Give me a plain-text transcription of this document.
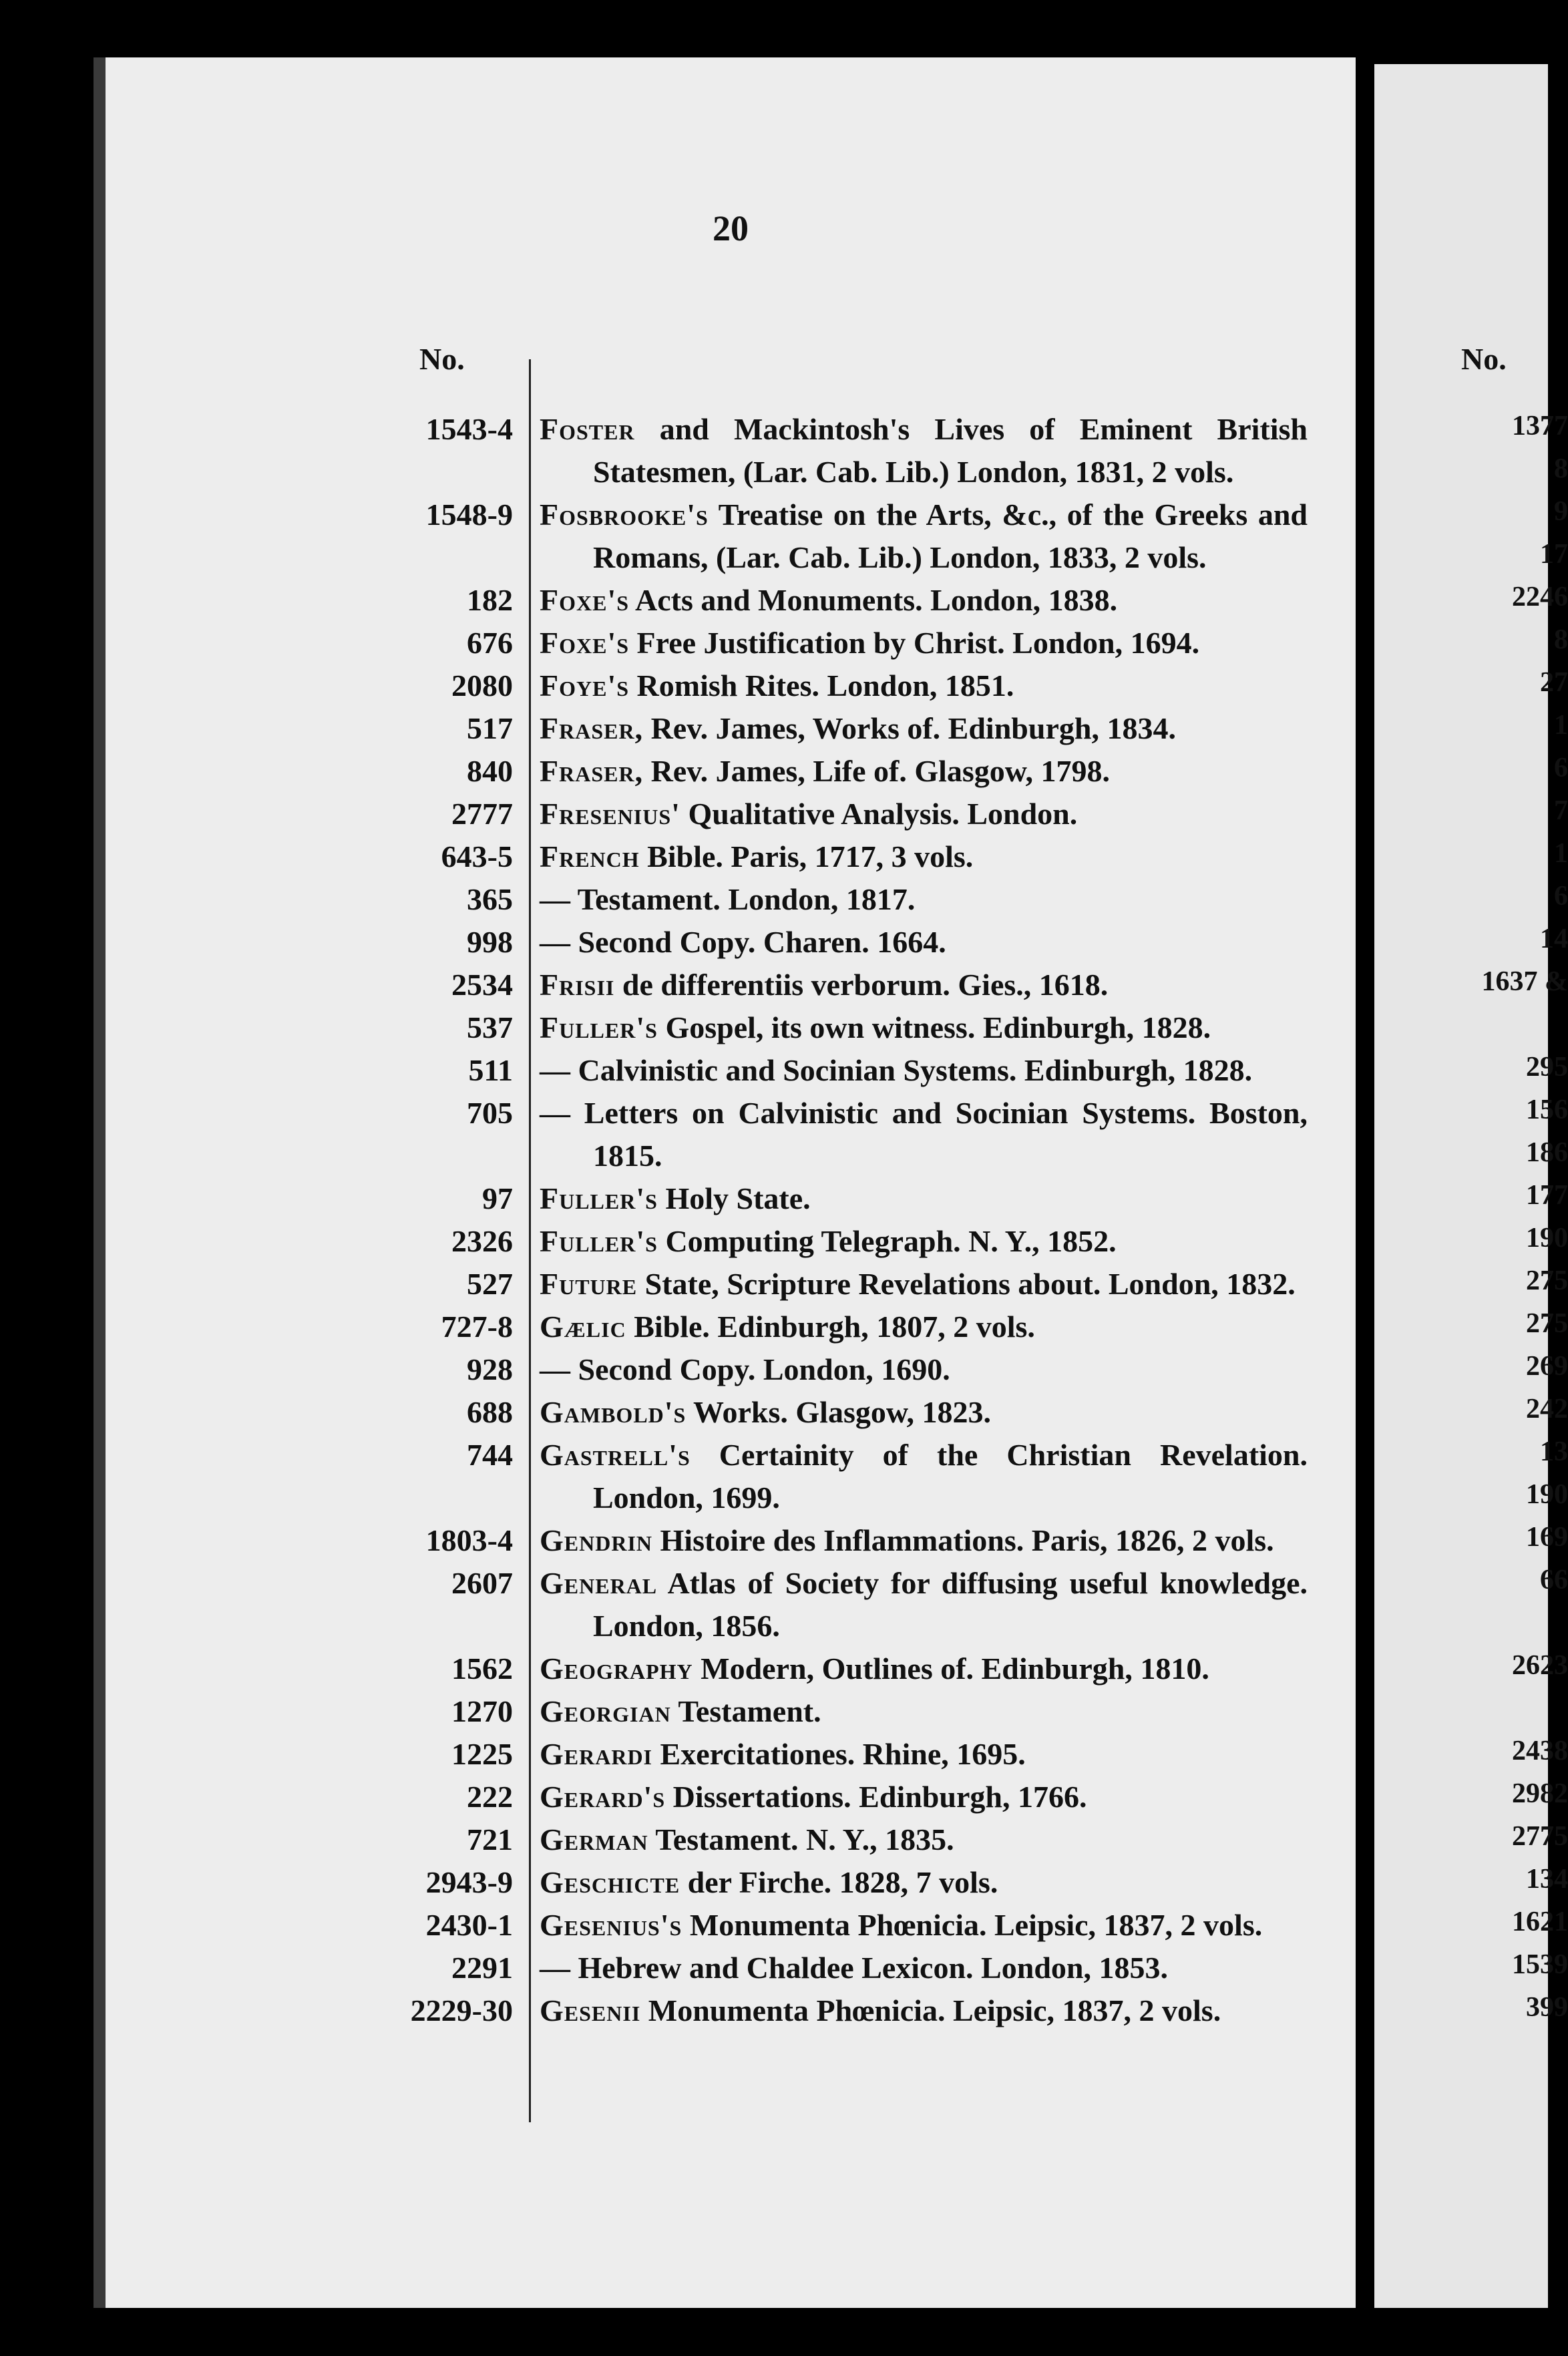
20
No.
1543-4 Foster and Mackintosh's Lives of Eminent British Statesmen, (Lar. Cab. Lib.) London, 1831, 2 vols.
1548-9 Fosbrooke's Treatise on the Arts, &c., of the Greeks and Romans, (Lar. Cab. Lib.) London, 1833, 2 vols.
182 Foxe's Acts and Monuments. London, 1838.
676 Foxe's Free Justification by Christ. London, 1694.
2080 Foye's Romish Rites. London, 1851.
517 Fraser, Rev. James, Works of. Edinburgh, 1834.
840 Fraser, Rev. James, Life of. Glasgow, 1798.
2777 Fresenius' Qualitative Analysis. London.
643-5 French Bible. Paris, 1717, 3 vols.
365 — Testament. London, 1817.
998 — Second Copy. Charen. 1664.
2534 Frisii de differentiis verborum. Gies., 1618.
537 Fuller's Gospel, its own witness. Edinburgh, 1828.
511 — Calvinistic and Socinian Systems. Edinburgh, 1828.
705 — Letters on Calvinistic and Socinian Systems. Boston, 1815.
97 Fuller's Holy State.
2326 Fuller's Computing Telegraph. N. Y., 1852.
527 Future State, Scripture Revelations about. London, 1832.
727-8 Gælic Bible. Edinburgh, 1807, 2 vols.
928 — Second Copy. London, 1690.
688 Gambold's Works. Glasgow, 1823.
744 Gastrell's Certainity of the Christian Revelation. London, 1699.
1803-4 Gendrin Histoire des Inflammations. Paris, 1826, 2 vols.
2607 General Atlas of Society for diffusing useful knowledge. London, 1856.
1562 Geography Modern, Outlines of. Edinburgh, 1810.
1270 Georgian Testament.
1225 Gerardi Exercitationes. Rhine, 1695.
222 Gerard's Dissertations. Edinburgh, 1766.
721 German Testament. N. Y., 1835.
2943-9 Geschicte der Firche. 1828, 7 vols.
2430-1 Gesenius's Monumenta Phœnicia. Leipsic, 1837, 2 vols.
2291 — Hebrew and Chaldee Lexicon. London, 1853.
2229-30 Gesenii Monumenta Phœnicia. Leipsic, 1837, 2 vols.
No.
1377
8
9
17
2246
8
27
1
6
7
1
6
14
1637 &
295
156
186
177
190
275
275
269
242
13
190
169
66
2623
2438
2982
2775
134
1621
1539
399
